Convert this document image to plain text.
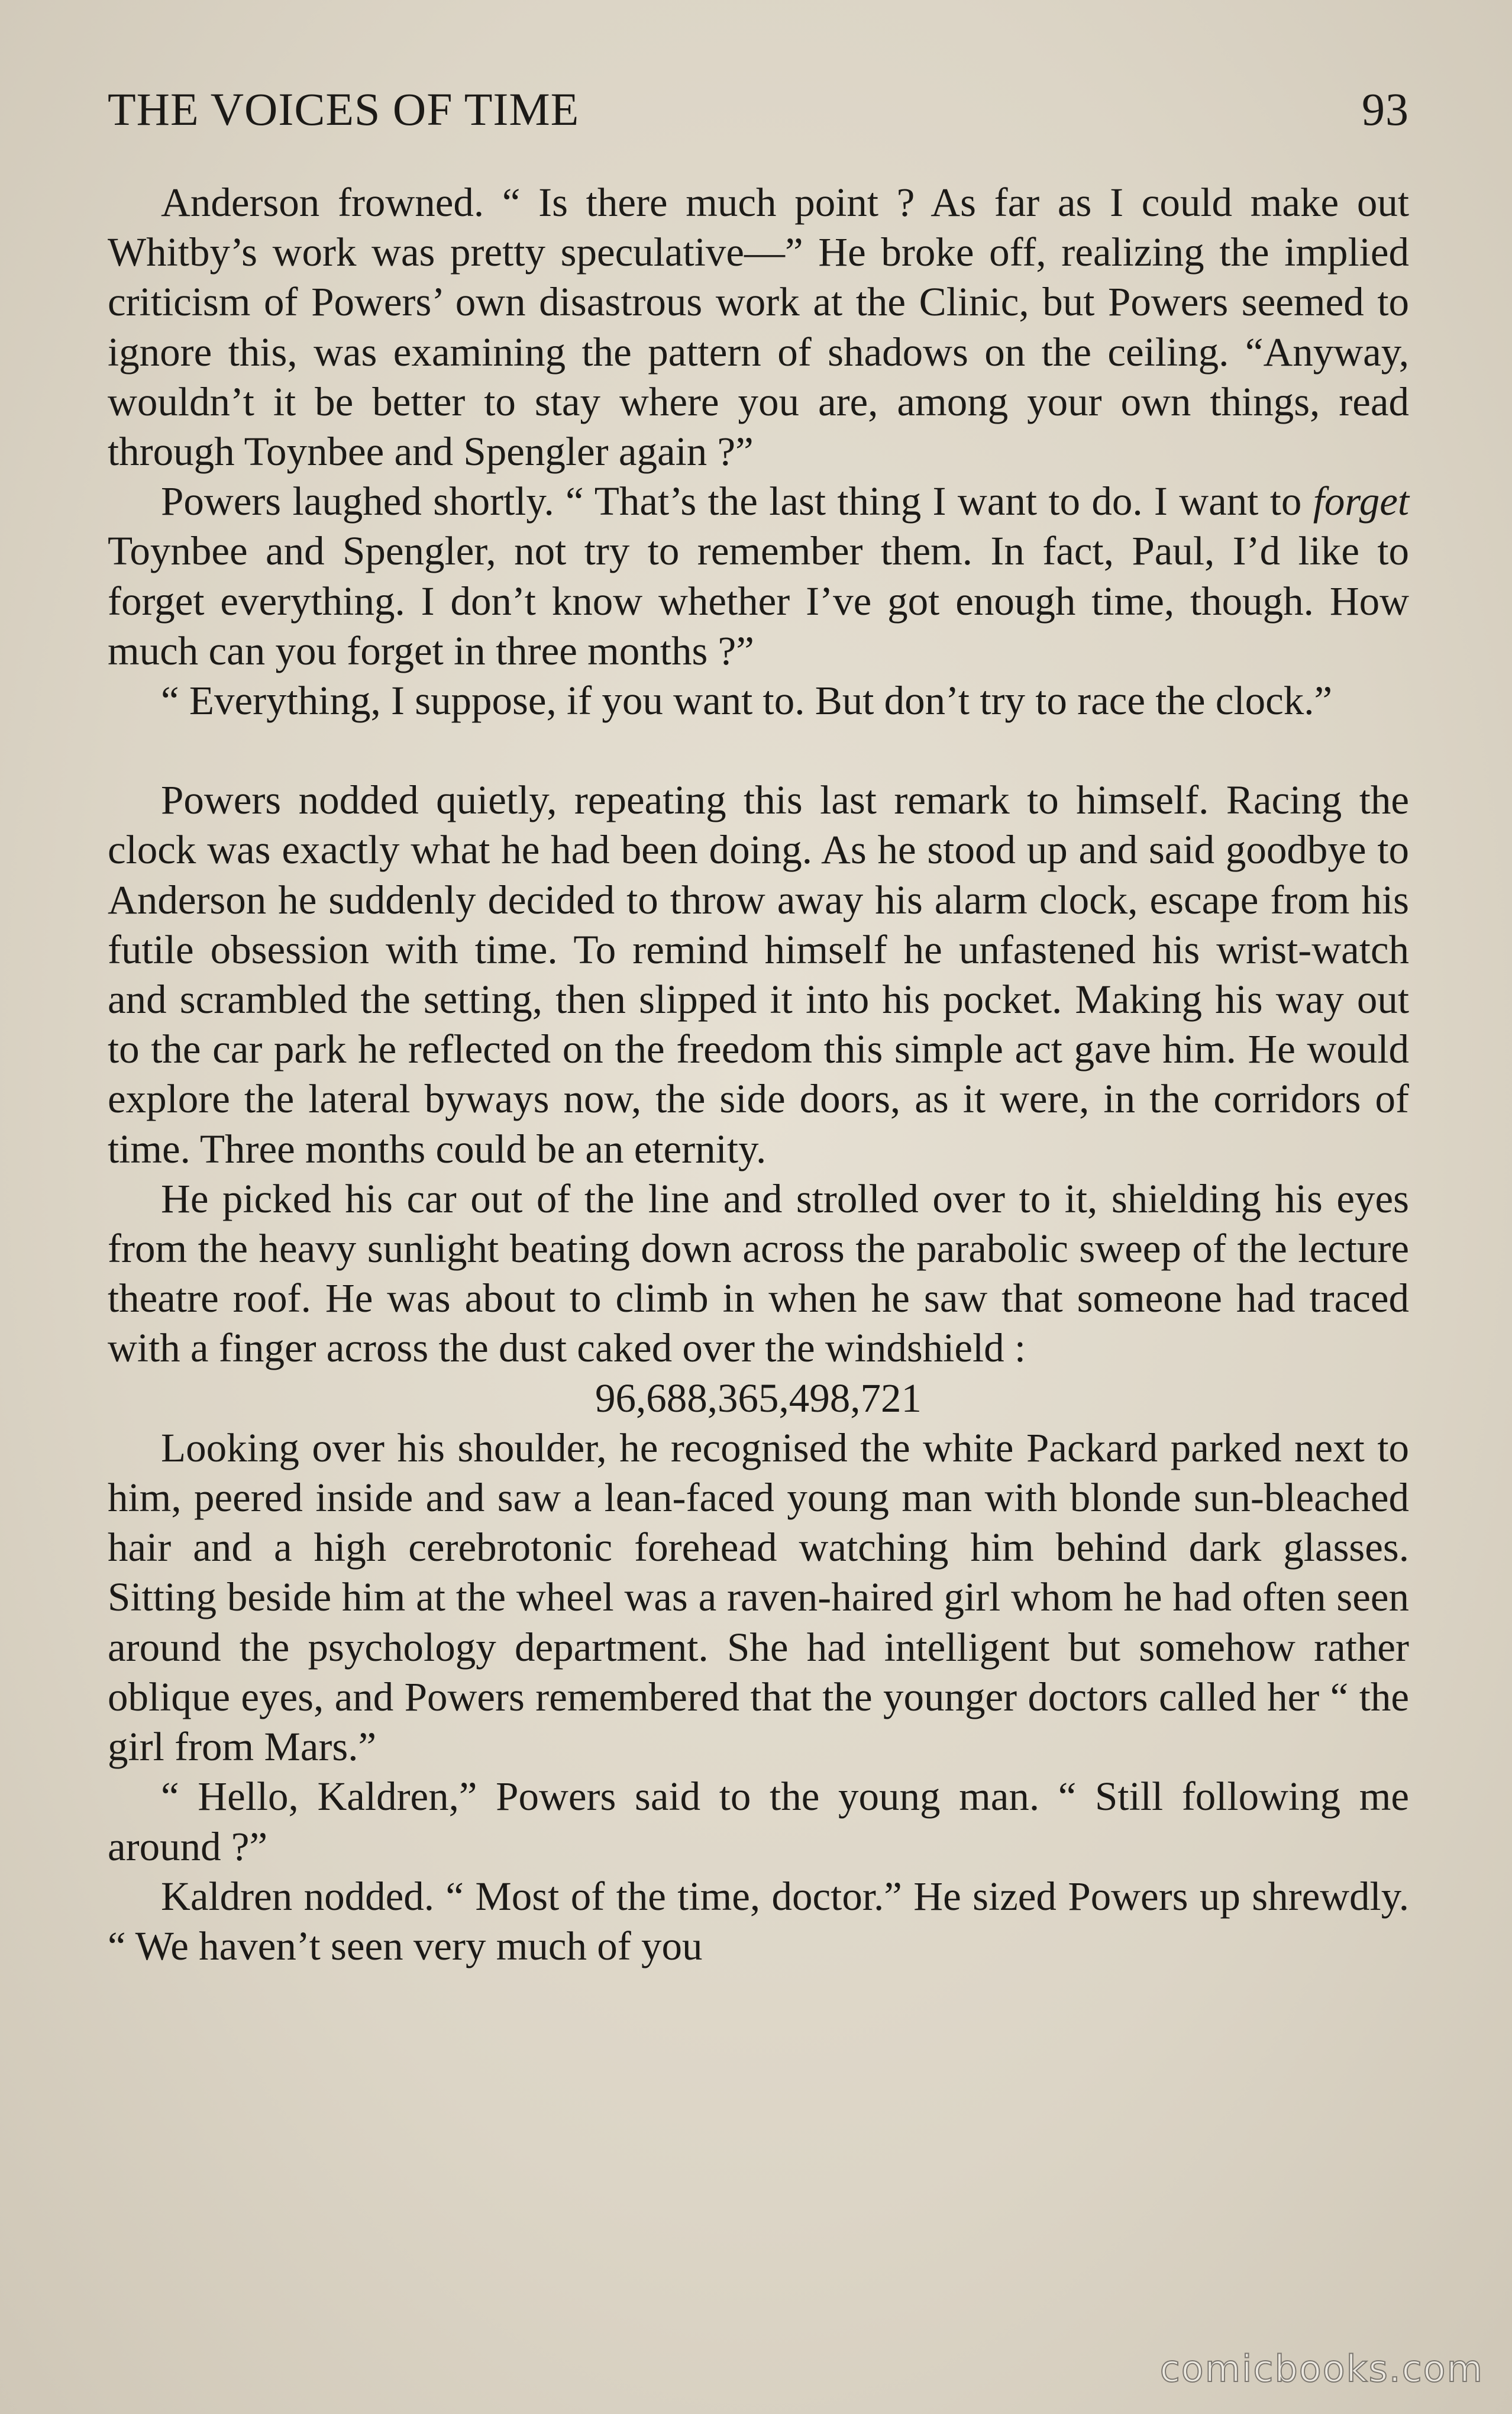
THE VOICES OF TIME	93

Anderson frowned. “ Is there much point ? As far as I could make out Whitby’s work was pretty speculative—” He broke off, realizing the implied criticism of Powers’ own disastrous work at the Clinic, but Powers seemed to ignore this, was examining the pattern of shadows on the ceiling. “Anyway, wouldn’t it be better to stay where you are, among your own things, read through Toynbee and Spengler again ?”

Powers laughed shortly. “ That’s the last thing I want to do. I want to forget Toynbee and Spengler, not try to remember them. In fact, Paul, I’d like to forget everything. I don’t know whether I’ve got enough time, though. How much can you forget in three months ?”

“ Everything, I suppose, if you want to. But don’t try to race the clock.”

Powers nodded quietly, repeating this last remark to himself. Racing the clock was exactly what he had been doing. As he stood up and said goodbye to Anderson he suddenly decided to throw away his alarm clock, escape from his futile obsession with time. To remind himself he unfastened his wrist-watch and scrambled the setting, then slipped it into his pocket. Making his way out to the car park he reflected on the freedom this simple act gave him. He would explore the lateral byways now, the side doors, as it were, in the corridors of time. Three months could be an eternity.

He picked his car out of the line and strolled over to it, shielding his eyes from the heavy sunlight beating down across the parabolic sweep of the lecture theatre roof. He was about to climb in when he saw that someone had traced with a finger across the dust caked over the windshield :

96,688,365,498,721

Looking over his shoulder, he recognised the white Packard parked next to him, peered inside and saw a lean-faced young man with blonde sun-bleached hair and a high cerebrotonic forehead watching him behind dark glasses. Sitting beside him at the wheel was a raven-haired girl whom he had often seen around the psychology department. She had intelligent but somehow rather oblique eyes, and Powers remembered that the younger doctors called her “ the girl from Mars.”

“ Hello, Kaldren,” Powers said to the young man. “ Still following me around ?”

Kaldren nodded. “ Most of the time, doctor.” He sized Powers up shrewdly. “ We haven’t seen very much of you

comicbooks.com
